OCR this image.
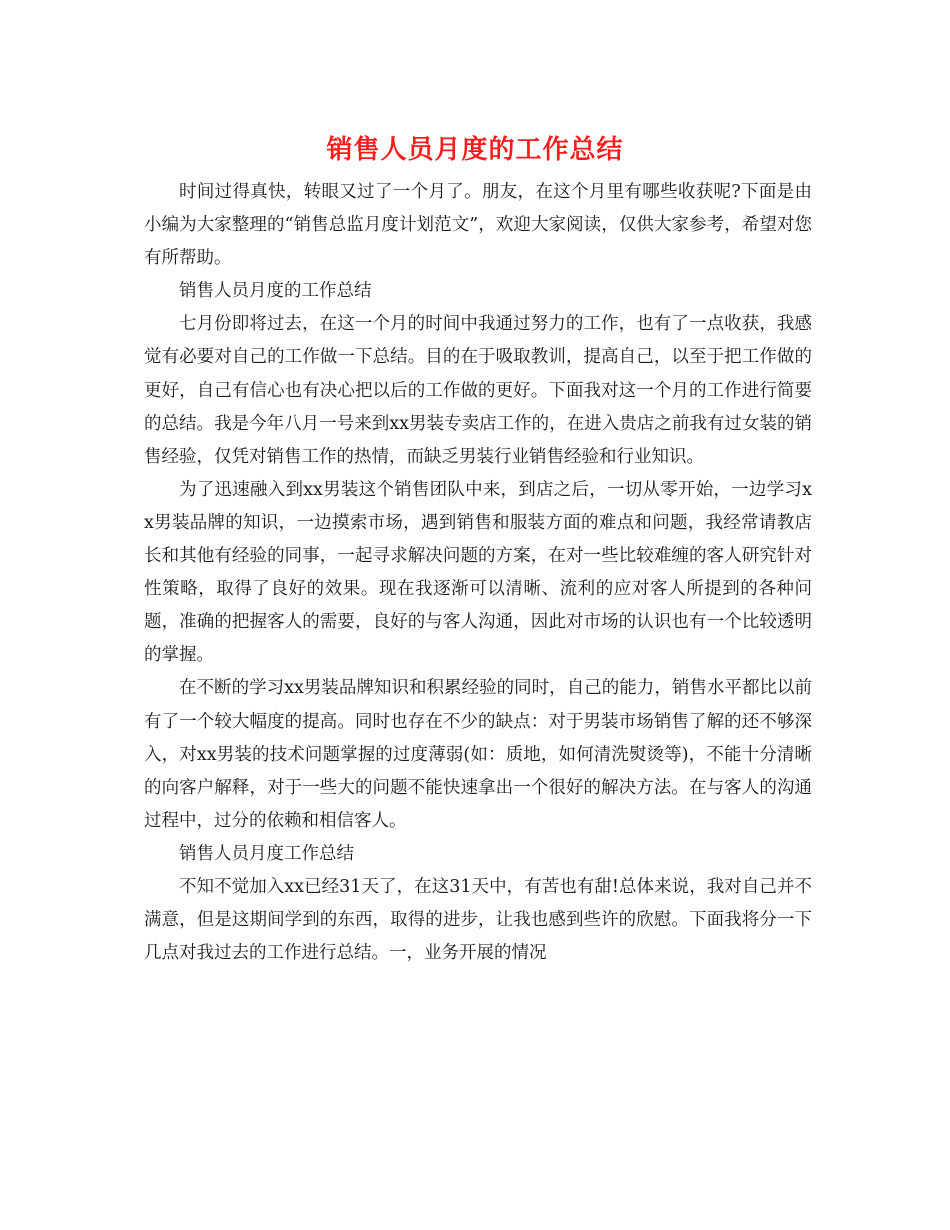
销售人员月度的工作总结

时间过得真快，转眼又过了一个月了。朋友，在这个月里有哪些收获呢?下面是由小编为大家整理的“销售总监月度计划范文”，欢迎大家阅读，仅供大家参考，希望对您有所帮助。

销售人员月度的工作总结

七月份即将过去，在这一个月的时间中我通过努力的工作，也有了一点收获，我感觉有必要对自己的工作做一下总结。目的在于吸取教训，提高自己，以至于把工作做的更好，自己有信心也有决心把以后的工作做的更好。下面我对这一个月的工作进行简要的总结。我是今年八月一号来到xx男装专卖店工作的，在进入贵店之前我有过女装的销售经验，仅凭对销售工作的热情，而缺乏男装行业销售经验和行业知识。

为了迅速融入到xx男装这个销售团队中来，到店之后，一切从零开始，一边学习xx男装品牌的知识，一边摸索市场，遇到销售和服装方面的难点和问题，我经常请教店长和其他有经验的同事，一起寻求解决问题的方案，在对一些比较难缠的客人研究针对性策略，取得了良好的效果。现在我逐渐可以清晰、流利的应对客人所提到的各种问题，准确的把握客人的需要，良好的与客人沟通，因此对市场的认识也有一个比较透明的掌握。

在不断的学习xx男装品牌知识和积累经验的同时，自己的能力，销售水平都比以前有了一个较大幅度的提高。同时也存在不少的缺点：对于男装市场销售了解的还不够深入，对xx男装的技术问题掌握的过度薄弱(如：质地，如何清洗熨烫等)，不能十分清晰的向客户解释，对于一些大的问题不能快速拿出一个很好的解决方法。在与客人的沟通过程中，过分的依赖和相信客人。

销售人员月度工作总结

不知不觉加入xx已经31天了，在这31天中，有苦也有甜!总体来说，我对自己并不满意，但是这期间学到的东西，取得的进步，让我也感到些许的欣慰。下面我将分一下几点对我过去的工作进行总结。一，业务开展的情况
